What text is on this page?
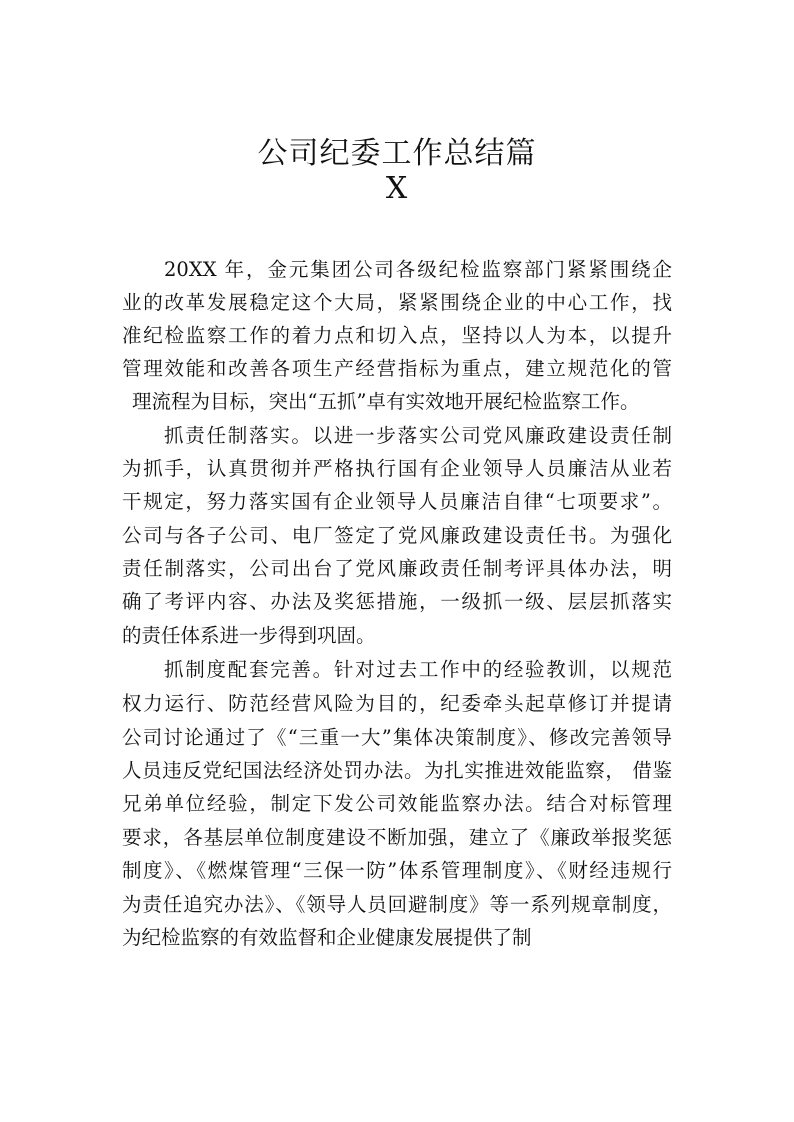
公司纪委工作总结篇
X
20XX 年，金元集团公司各级纪检监察部门紧紧围绕企
业的改革发展稳定这个大局，紧紧围绕企业的中心工作，找
准纪检监察工作的着力点和切入点，坚持以人为本，以提升
管理效能和改善各项生产经营指标为重点，建立规范化的管
理流程为目标，突出“五抓”卓有实效地开展纪检监察工作。
抓责任制落实。以进一步落实公司党风廉政建设责任制
为抓手，认真贯彻并严格执行国有企业领导人员廉洁从业若
干规定，努力落实国有企业领导人员廉洁自律“七项要求”。
公司与各子公司、电厂签定了党风廉政建设责任书。为强化
责任制落实，公司出台了党风廉政责任制考评具体办法，明
确了考评内容、办法及奖惩措施，一级抓一级、层层抓落实
的责任体系进一步得到巩固。
抓制度配套完善。针对过去工作中的经验教训，以规范
权力运行、防范经营风险为目的，纪委牵头起草修订并提请
公司讨论通过了《“三重一大”集体决策制度》、修改完善领导
人员违反党纪国法经济处罚办法。为扎实推进效能监察， 借鉴
兄弟单位经验，制定下发公司效能监察办法。结合对标管理
要求，各基层单位制度建设不断加强，建立了《廉政举报奖惩
制度》、《燃煤管理“三保一防”体系管理制度》、《财经违规行
为责任追究办法》、《领导人员回避制度》等一系列规章制度，
为纪检监察的有效监督和企业健康发展提供了制
